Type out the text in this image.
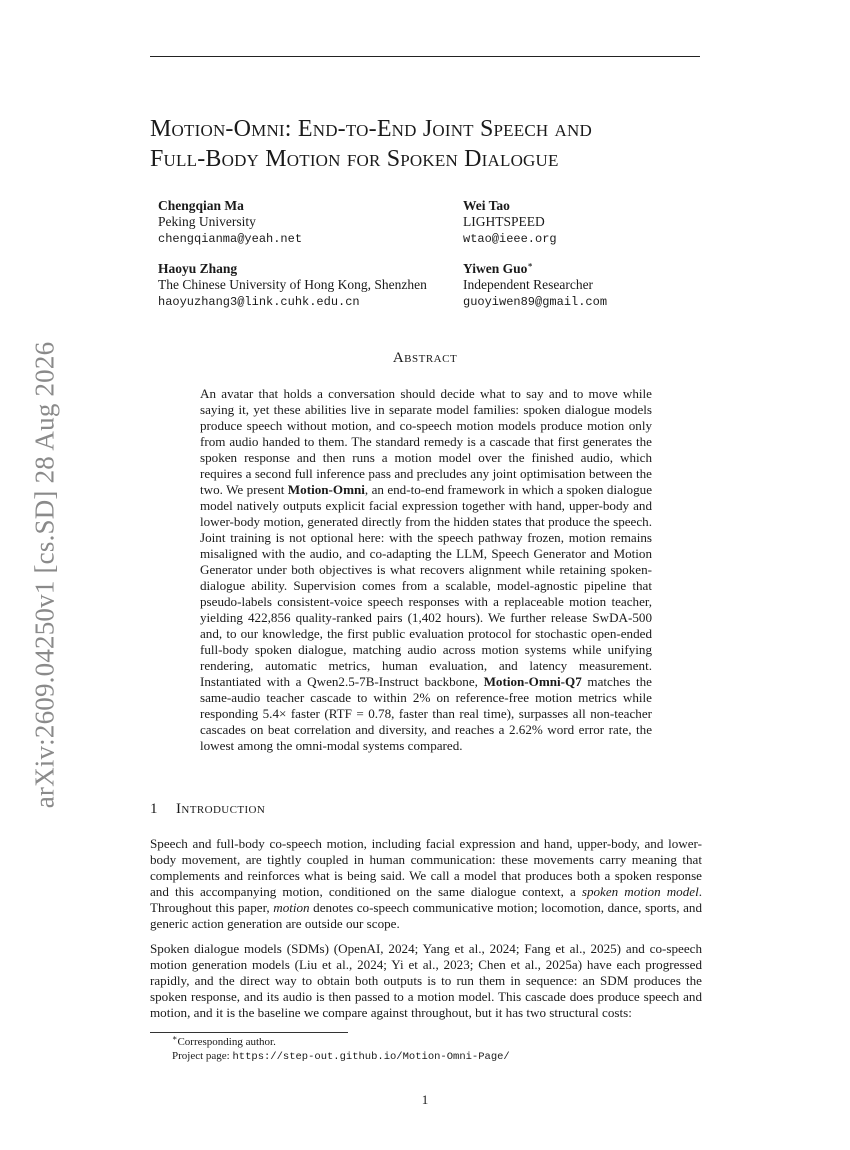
arXiv:2609.04250v1 [cs.SD] 28 Aug 2026
Motion-Omni: End-to-End Joint Speech and
Full-Body Motion for Spoken Dialogue
Chengqian Ma
Peking University
chengqianma@yeah.net
Wei Tao
LIGHTSPEED
wtao@ieee.org
Haoyu Zhang
The Chinese University of Hong Kong, Shenzhen
haoyuzhang3@link.cuhk.edu.cn
Yiwen Guo∗
Independent Researcher
guoyiwen89@gmail.com
Abstract

An avatar that holds a conversation should decide what to say and to move while saying it, yet these abilities live in separate model families: spoken dialogue models produce speech without motion, and co-speech motion models produce motion only from audio handed to them. The standard remedy is a cascade that first generates the spoken response and then runs a motion model over the finished audio, which requires a second full inference pass and precludes any joint optimisation between the two. We present Motion-Omni, an end-to-end framework in which a spoken dialogue model natively outputs explicit facial expression together with hand, upper-body and lower-body motion, generated directly from the hidden states that produce the speech. Joint training is not optional here: with the speech pathway frozen, motion remains misaligned with the audio, and co-adapting the LLM, Speech Generator and Motion Generator under both objectives is what recovers alignment while retaining spoken-dialogue ability. Supervision comes from a scalable, model-agnostic pipeline that pseudo-labels consistent-voice speech responses with a replaceable motion teacher, yielding 422,856 quality-ranked pairs (1,402 hours). We further release SwDA-500 and, to our knowledge, the first public evaluation protocol for stochastic open-ended full-body spoken dialogue, matching audio across motion systems while unifying rendering, automatic metrics, human evaluation, and latency measurement. Instantiated with a Qwen2.5-7B-Instruct backbone, Motion-Omni-Q7 matches the same-audio teacher cascade to within 2% on reference-free motion metrics while responding 5.4× faster (RTF = 0.78, faster than real time), surpasses all non-teacher cascades on beat correlation and diversity, and reaches a 2.62% word error rate, the lowest among the omni-modal systems compared.

1 Introduction

Speech and full-body co-speech motion, including facial expression and hand, upper-body, and lower-body movement, are tightly coupled in human communication: these movements carry meaning that complements and reinforces what is being said. We call a model that produces both a spoken response and this accompanying motion, conditioned on the same dialogue context, a spoken motion model. Throughout this paper, motion denotes co-speech communicative motion; locomotion, dance, sports, and generic action generation are outside our scope.

Spoken dialogue models (SDMs) (OpenAI, 2024; Yang et al., 2024; Fang et al., 2025) and co-speech motion generation models (Liu et al., 2024; Yi et al., 2023; Chen et al., 2025a) have each progressed rapidly, and the direct way to obtain both outputs is to run them in sequence: an SDM produces the spoken response, and its audio is then passed to a motion model. This cascade does produce speech and motion, and it is the baseline we compare against throughout, but it has two structural costs:

∗Corresponding author.

Project page: https://step-out.github.io/Motion-Omni-Page/

1
